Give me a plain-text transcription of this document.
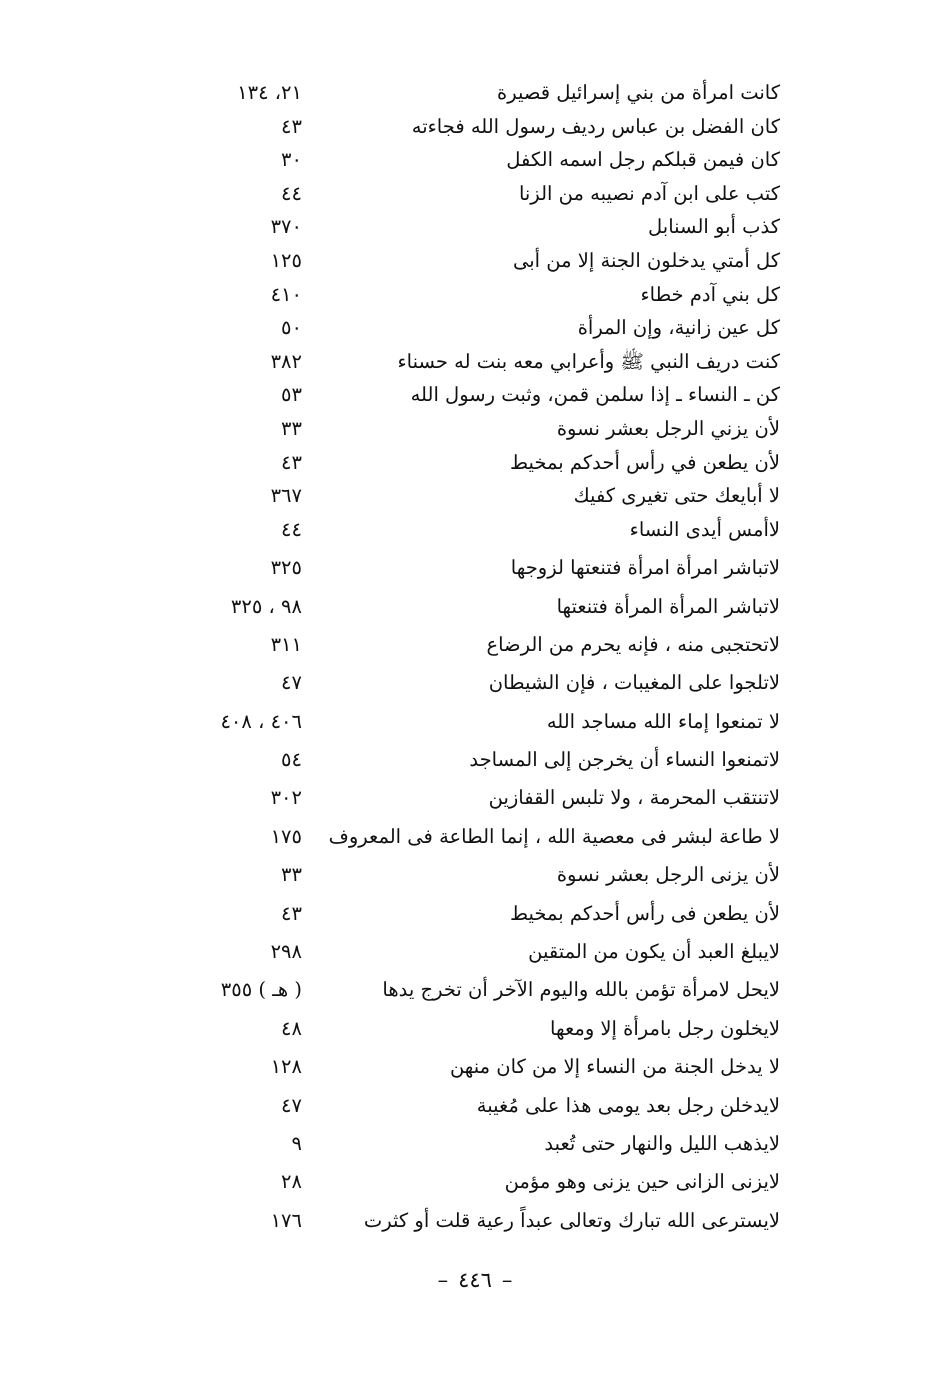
كانت امرأة من بني إسرائيل قصيرة
٢١، ١٣٤
كان الفضل بن عباس رديف رسول الله فجاءته
٤٣
كان فيمن قبلكم رجل اسمه الكفل
٣٠
كتب على ابن آدم نصيبه من الزنا
٤٤
كذب أبو السنابل
٣٧٠
كل أمتي يدخلون الجنة إلا من أبى
١٢٥
كل بني آدم خطاء
٤١٠
كل عين زانية، وإن المرأة
٥٠
كنت دريف النبي ﷺ وأعرابي معه بنت له حسناء
٣٨٢
كن ـ النساء ـ إذا سلمن قمن، وثبت رسول الله
٥٣
لأن يزني الرجل بعشر نسوة
٣٣
لأن يطعن في رأس أحدكم بمخيط
٤٣
لا أبايعك حتى تغيرى كفيك
٣٦٧
لاأمس أيدى النساء
٤٤
لاتباشر امرأة امرأة فتنعتها لزوجها
٣٢٥
لاتباشر المرأة المرأة فتنعتها
٩٨ ، ٣٢٥
لاتحتجبى منه ، فإنه يحرم من الرضاع
٣١١
لاتلجوا على المغيبات ، فإن الشيطان
٤٧
لا تمنعوا إماء الله مساجد الله
٤٠٦ ، ٤٠٨
لاتمنعوا النساء أن يخرجن إلى المساجد
٥٤
لاتنتقب المحرمة ، ولا تلبس القفازين
٣٠٢
لا طاعة لبشر فى معصية الله ، إنما الطاعة فى المعروف
١٧٥
لأن يزنى الرجل بعشر نسوة
٣٣
لأن يطعن فى رأس أحدكم بمخيط
٤٣
لايبلغ العبد أن يكون من المتقين
٢٩٨
لايحل لامرأة تؤمن بالله واليوم الآخر أن تخرج يدها
( هـ ) ٣٥٥
لايخلون رجل بامرأة إلا ومعها
٤٨
لا يدخل الجنة من النساء إلا من كان منهن
١٢٨
لايدخلن رجل بعد يومى هذا على مُغيبة
٤٧
لايذهب الليل والنهار حتى تُعبد
٩
لايزنى الزانى حين يزنى وهو مؤمن
٢٨
لايسترعى الله تبارك وتعالى عبداً رعية قلت أو كثرت
١٧٦
–٤٤٦–
